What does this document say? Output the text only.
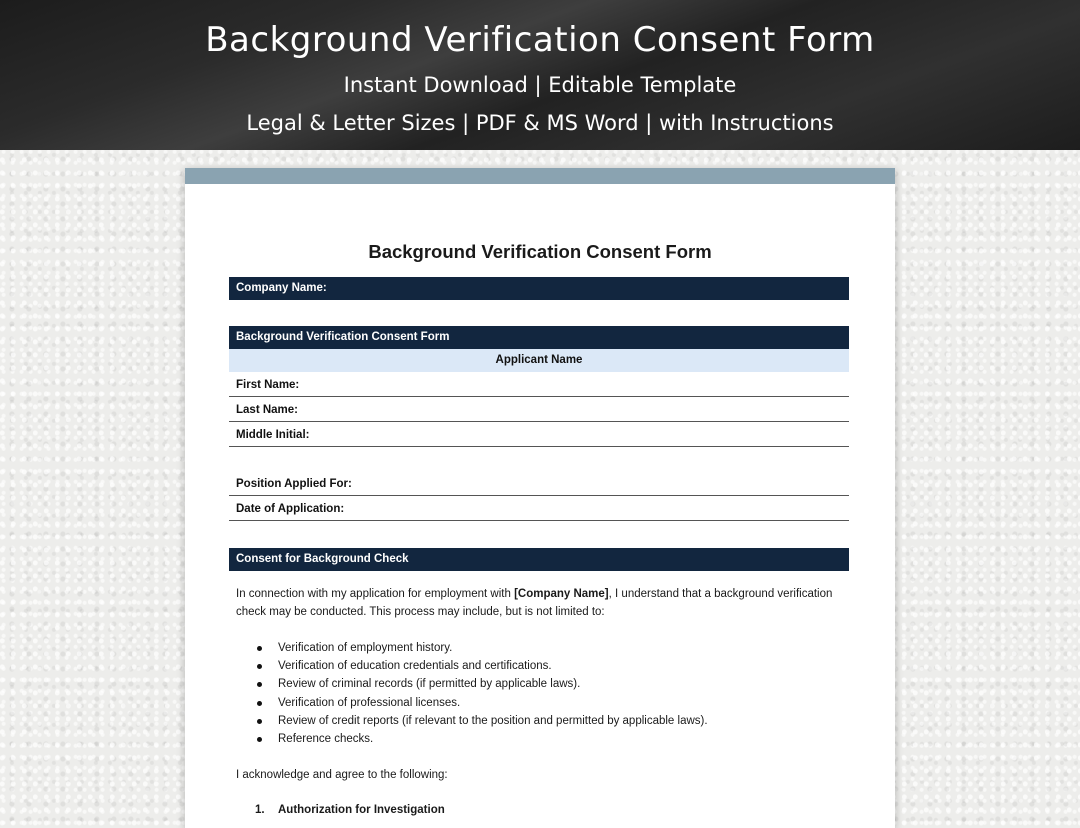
Background Verification Consent Form
Instant Download | Editable Template
Legal & Letter Sizes | PDF & MS Word | with Instructions
Background Verification Consent Form
Company Name:
Background Verification Consent Form
Applicant Name
First Name:
Last Name:
Middle Initial:
Position Applied For:
Date of Application:
Consent for Background Check
In connection with my application for employment with [Company Name], I understand that a background verification check may be conducted. This process may include, but is not limited to:
Verification of employment history.
Verification of education credentials and certifications.
Review of criminal records (if permitted by applicable laws).
Verification of professional licenses.
Review of credit reports (if relevant to the position and permitted by applicable laws).
Reference checks.
I acknowledge and agree to the following:
1. Authorization for Investigation
